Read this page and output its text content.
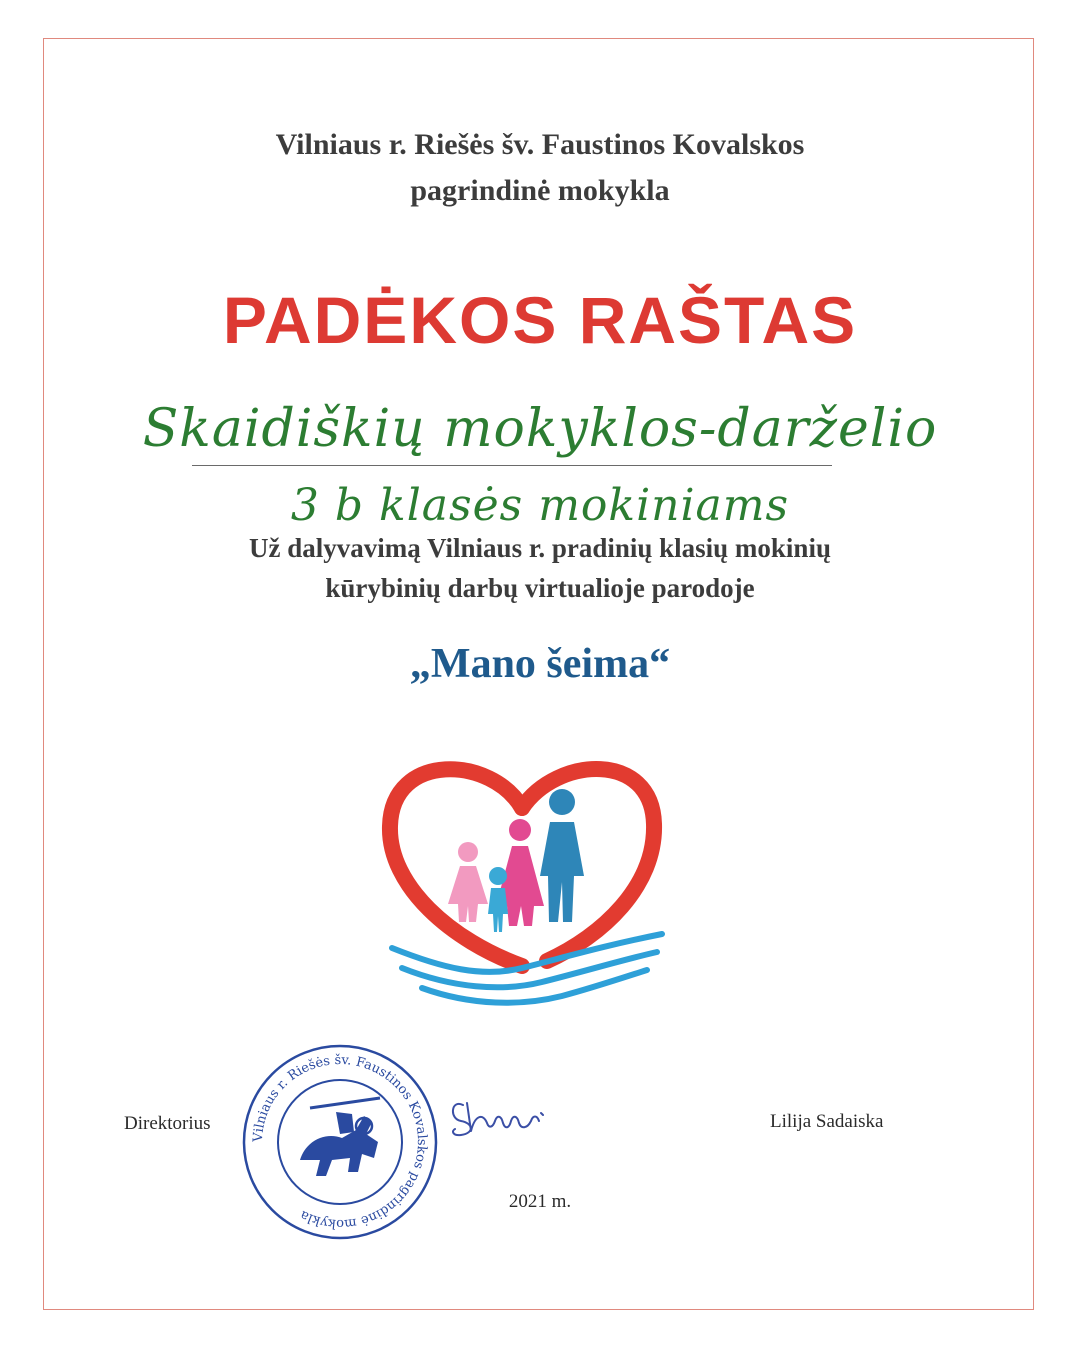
Vilniaus r. Riešės šv. Faustinos Kovalskos
pagrindinė mokykla
PADĖKOS RAŠTAS
Skaidiškių mokyklos-darželio
3 b klasės mokiniams
Už dalyvavimą Vilniaus r. pradinių klasių mokinių
kūrybinių darbų virtualioje parodoje
„Mano šeima“
Direktorius
Vilniaus r. Riešės šv. Faustinos Kovalskos pagrindinė mokykla
Lilija Sadaiska
2021 m.
